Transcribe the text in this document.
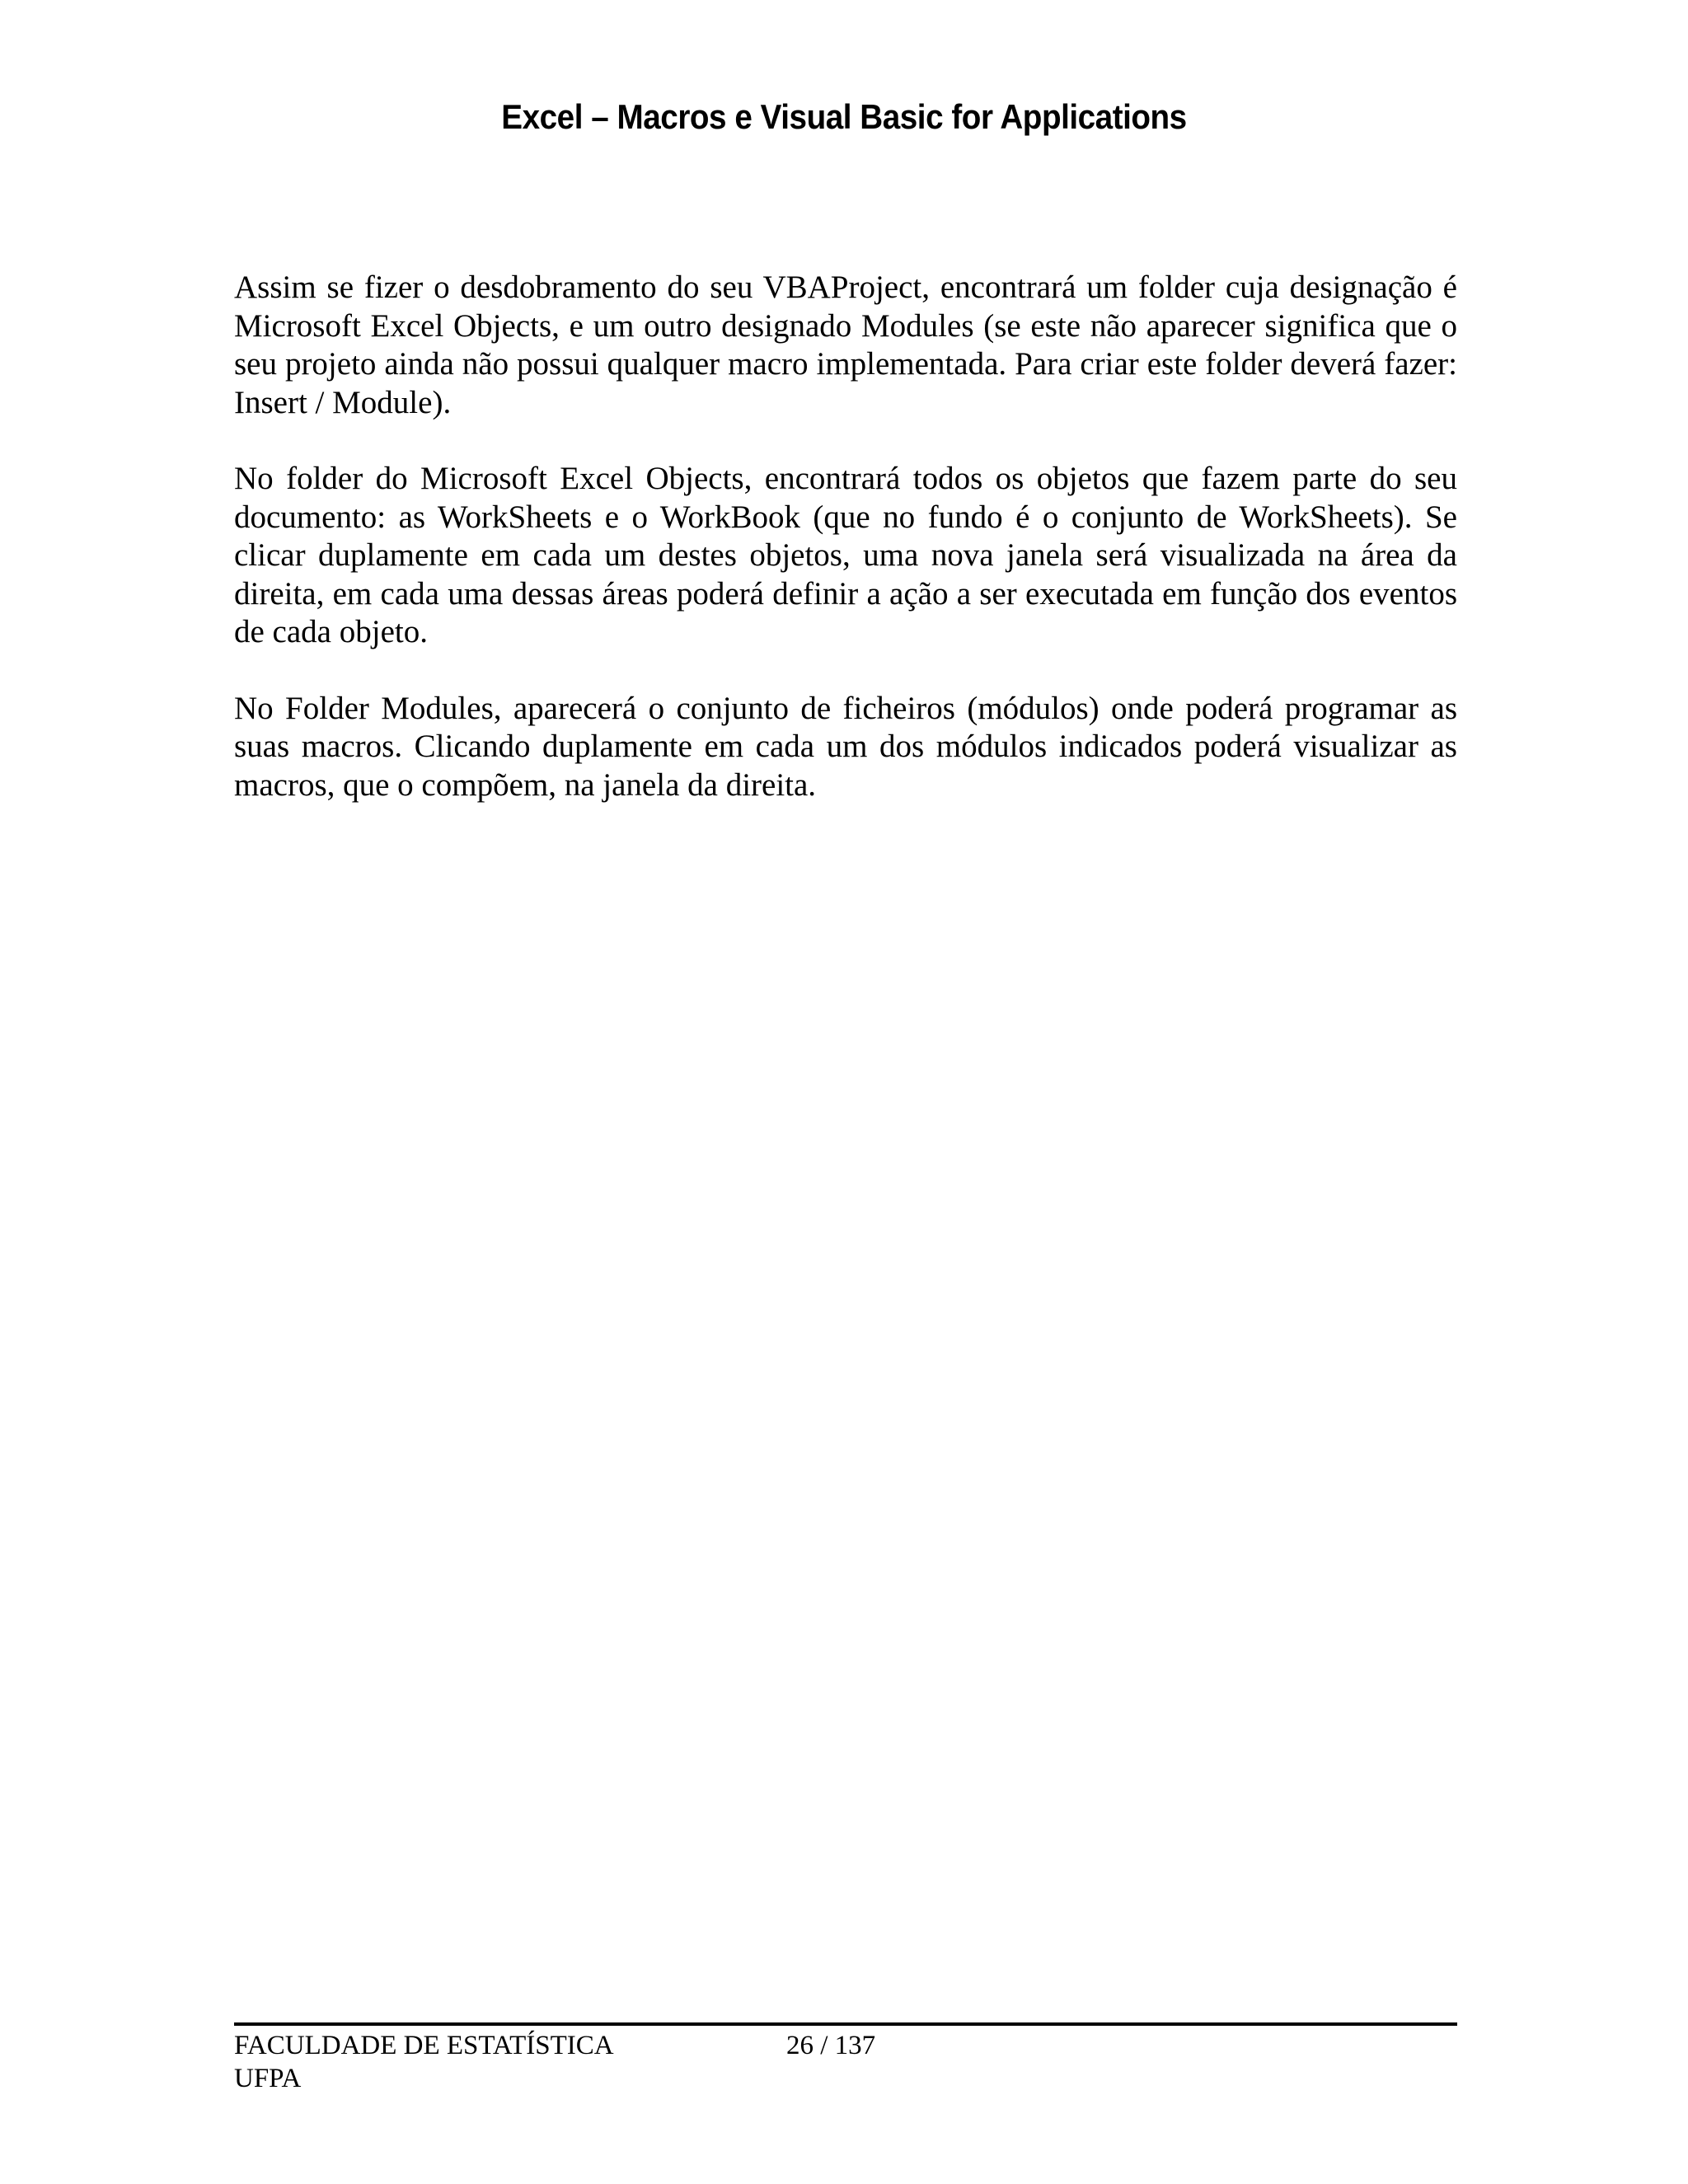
Excel – Macros e Visual Basic for Applications

Assim se fizer o desdobramento do seu VBAProject, encontrará um folder cuja designação é Microsoft Excel Objects, e um outro designado Modules (se este não aparecer significa que o seu projeto ainda não possui qualquer macro implementada. Para criar este folder deverá fazer: Insert / Module).

No folder do Microsoft Excel Objects, encontrará todos os objetos que fazem parte do seu documento: as WorkSheets e o WorkBook (que no fundo é o conjunto de WorkSheets). Se clicar duplamente em cada um destes objetos, uma nova janela será visualizada na área da direita, em cada uma dessas áreas poderá definir a ação a ser executada em função dos eventos de cada objeto.

No Folder Modules, aparecerá o conjunto de ficheiros (módulos) onde poderá programar as suas macros. Clicando duplamente em cada um dos módulos indicados poderá visualizar as macros, que o compõem, na janela da direita.

FACULDADE DE ESTATÍSTICA
UFPA
26 / 137
